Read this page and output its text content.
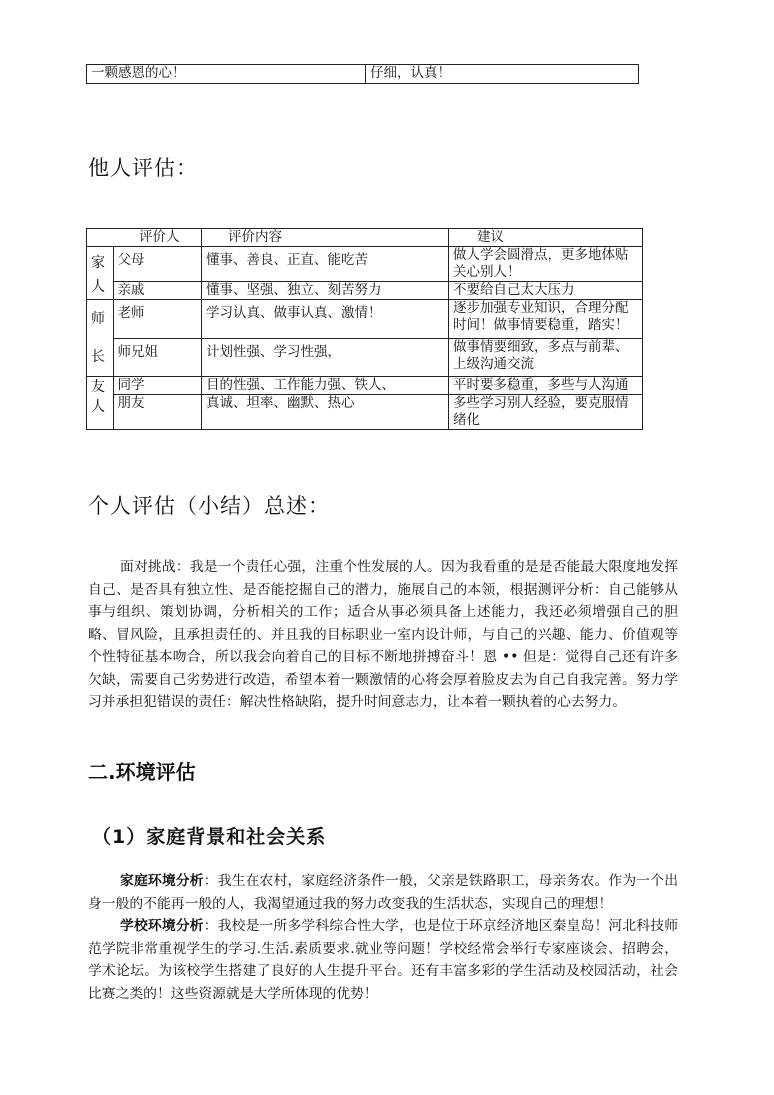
一颗感恩的心！	仔细，认真！
他人评估：
	评价人	评价内容	建议
家人	父母	懂事、善良、正直、能吃苦	做人学会圆滑点，更多地体贴关心别人！
	亲戚	懂事、坚强、独立、刻苦努力	不要给自己太大压力
师长	老师	学习认真、做事认真、激情！	逐步加强专业知识，合理分配时间！做事情要稳重，踏实！
	师兄姐	计划性强、学习性强，	做事情要细致，多点与前辈、上级沟通交流
友人	同学	目的性强、工作能力强、铁人、	平时要多稳重，多些与人沟通
	朋友	真诚、坦率、幽默、热心	多些学习别人经验，要克服情绪化
个人评估（小结）总述：
面对挑战：我是一个责任心强，注重个性发展的人。因为我看重的是是否能最大限度地发挥自己、是否具有独立性、是否能挖掘自己的潜力，施展自己的本领，根据测评分析：自己能够从事与组织、策划协调，分析相关的工作；适合从事必须具备上述能力，我还必须增强自己的胆略、冒风险，且承担责任的、并且我的目标职业一室内设计师，与自己的兴趣、能力、价值观等个性特征基本吻合，所以我会向着自己的目标不断地拼搏奋斗！恩 •• 但是：觉得自己还有许多欠缺，需要自己劣势进行改造，希望本着一颗激情的心将会厚着脸皮去为自己自我完善。努力学习并承担犯错误的责任：解决性格缺陷，提升时间意志力，让本着一颗执着的心去努力。
二.环境评估
（1）家庭背景和社会关系
家庭环境分析：我生在农村，家庭经济条件一般，父亲是铁路职工，母亲务农。作为一个出身一般的不能再一般的人，我渴望通过我的努力改变我的生活状态，实现自己的理想！
学校环境分析：我校是一所多学科综合性大学，也是位于环京经济地区秦皇岛！河北科技师范学院非常重视学生的学习.生活.素质要求.就业等问题！学校经常会举行专家座谈会、招聘会，学术论坛。为该校学生搭建了良好的人生提升平台。还有丰富多彩的学生活动及校园活动，社会比赛之类的！这些资源就是大学所体现的优势！
